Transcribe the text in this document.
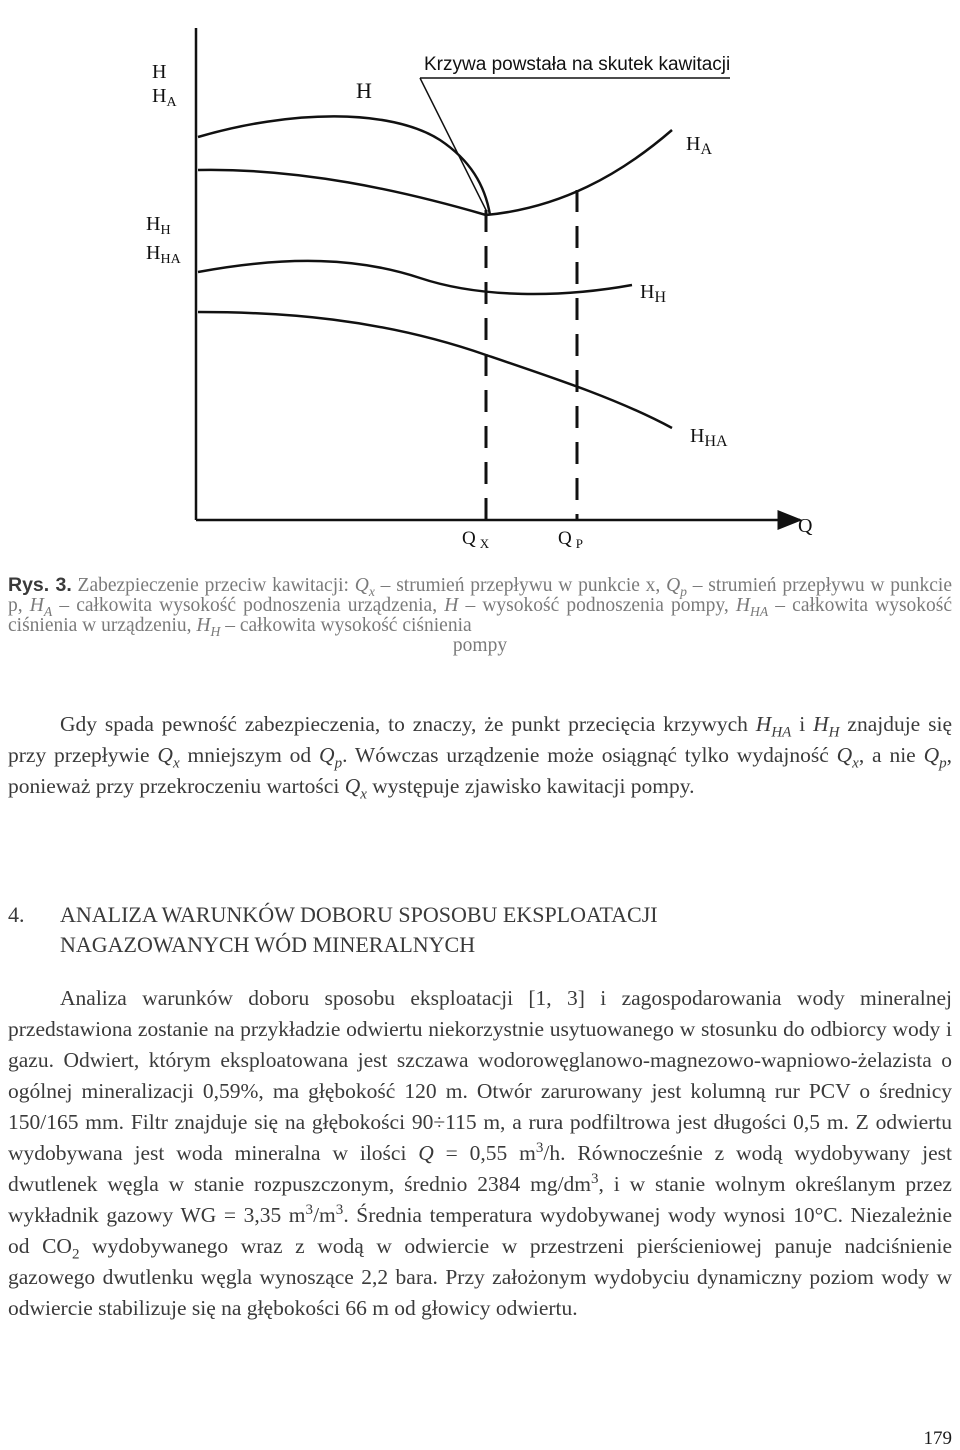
H
$H_A$
$H_H$
$H_{HA}$
H
Krzywa powstała na skutek kawitacji
$H_A$
$H_H$
$H_{HA}$
Q
Q $_X$	Q $_P$
Rys. 3. Zabezpieczenie przeciw kawitacji: $Q_x$ – strumień przepływu w punkcie x, $Q_p$ – strumień przepływu w punkcie p, $H_A$ – całkowita wysokość podnoszenia urządzenia, H – wysokość podnoszenia pompy, $H_{HA}$ – całkowita wysokość ciśnienia w urządzeniu, $H_H$ – całkowita wysokość ciśnienia
pompy
Gdy spada pewność zabezpieczenia, to znaczy, że punkt przecięcia krzywych $H_{HA}$ i $H_H$ znajduje się przy przepływie $Q_x$ mniejszym od $Q_p$. Wówczas urządzenie może osiągnąć tylko wydajność $Q_x$, a nie $Q_p$, ponieważ przy przekroczeniu wartości $Q_x$ występuje zjawisko kawitacji pompy.
4. ANALIZA WARUNKÓW DOBORU SPOSOBU EKSPLOATACJI
NAGAZOWANYCH WÓD MINERALNYCH
Analiza warunków doboru sposobu eksploatacji [1, 3] i zagospodarowania wody mineralnej przedstawiona zostanie na przykładzie odwiertu niekorzystnie usytuowanego w stosunku do odbiorcy wody i gazu. Odwiert, którym eksploatowana jest szczawa wodorowęglanowo-magnezowo-wapniowo-żelazista o ogólnej mineralizacji 0,59%, ma głębokość 120 m. Otwór zarurowany jest kolumną rur PCV o średnicy 150/165 mm. Filtr znajduje się na głębokości 90÷115 m, a rura podfiltrowa jest długości 0,5 m. Z odwiertu wydobywana jest woda mineralna w ilości Q = 0,55 $m^3/h$. Równocześnie z wodą wydobywany jest dwutlenek węgla w stanie rozpuszczonym, średnio 2384 $mg/dm^3$, i w stanie wolnym określanym przez wykładnik gazowy WG = 3,35 $m^3/m^3$. Średnia temperatura wydobywanej wody wynosi 10°C. Niezależnie od $CO_2$ wydobywanego wraz z wodą w odwiercie w przestrzeni pierścieniowej panuje nadciśnienie gazowego dwutlenku węgla wynoszące 2,2 bara. Przy założonym wydobyciu dynamiczny poziom wody w odwiercie stabilizuje się na głębokości 66 m od głowicy odwiertu.
179
